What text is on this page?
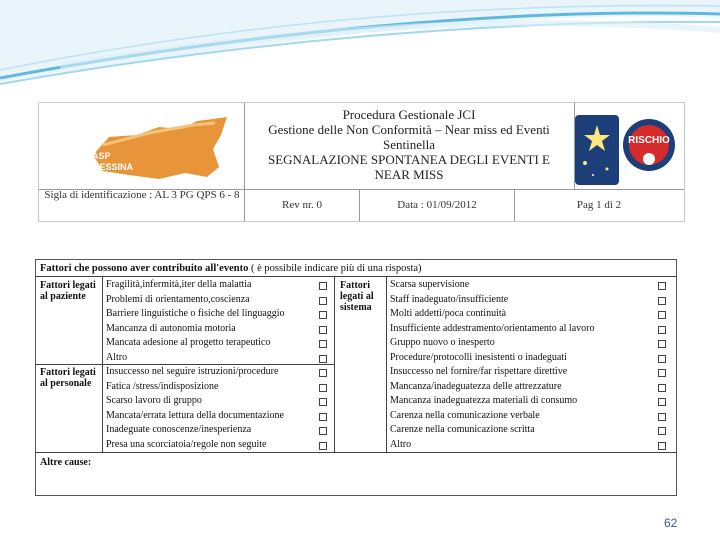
ASP
MESSINA
Procedura Gestionale JCI
Gestione delle Non Conformità – Near miss ed Eventi
Sentinella
SEGNALAZIONE SPONTANEA DEGLI EVENTI E
NEAR MISS
RISCHIO
Sigla di identificazione : AL 3 PG QPS 6 - 8
Rev nr. 0	Data : 01/09/2012	Pag 1 di 2
Fattori che possono aver contribuito all'evento ( è possibile indicare più di una risposta)
Fattori legati al paziente
Fattori legati al personale
Fattori legati al sistema
Fragilità,infermità,iter della malattia
Problemi di orientamento,coscienza
Barriere linguistiche o fisiche del linguaggio
Mancanza di autonomia motoria
Mancata adesione al progetto terapeutico
Altro
Insuccesso nel seguire istruzioni/procedure
Fatica /stress/indisposizione
Scarso lavoro di gruppo
Mancata/errata lettura della documentazione
Inadeguate conoscenze/inesperienza
Presa una scorciatoia/regole non seguite
Scarsa supervisione
Staff inadeguato/insufficiente
Molti addetti/poca continuità
Insufficiente addestramento/orientamento al lavoro
Gruppo nuovo o inesperto
Procedure/protocolli inesistenti o inadeguati
Insuccesso nel fornire/far rispettare direttive
Mancanza/inadeguatezza delle attrezzature
Mancanza inadeguatezza materiali di consumo
Carenza nella comunicazione verbale
Carenze nella comunicazione scritta
Altro
Altre cause:
62
